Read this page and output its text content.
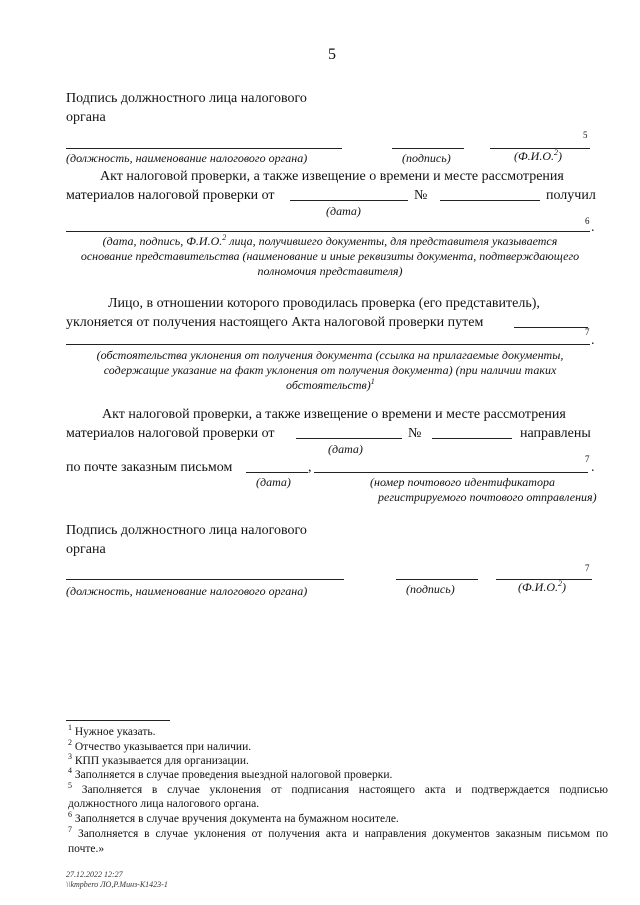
5
Подпись должностного лица налогового
органа
5
(должность, наименование налогового органа)	(подпись)	(Ф.И.О.$^2$)
Акт налоговой проверки, а также извещение о времени и месте рассмотрения
материалов налоговой проверки от	№	получил
(дата)
6 .
(дата, подпись, Ф.И.О.$^2$ лица, получившего документы, для представителя указывается
основание представительства (наименование и иные реквизиты документа, подтверждающего
полномочия представителя)
Лицо, в отношении которого проводилась проверка (его представитель),
уклоняется от получения настоящего Акта налоговой проверки путем
7
.
(обстоятельства уклонения от получения документа (ссылка на прилагаемые документы,
содержащие указание на факт уклонения от получения документа) (при наличии таких
обстоятельств)$^1$
Акт налоговой проверки, а также извещение о времени и месте рассмотрения
материалов налоговой проверки от	№	направлены
(дата)
по почте заказным письмом	,
7
.
(дата)	(номер почтового идентификатора
регистрируемого почтового отправления)
Подпись должностного лица налогового
органа
7
(должность, наименование налогового органа)	(подпись)	(Ф.И.О.$^2$)
$^1$ Нужное указать.
$^2$ Отчество указывается при наличии.
$^3$ КПП указывается для организации.
$^4$ Заполняется в случае проведения выездной налоговой проверки.
$^5$ Заполняется в случае уклонения от подписания настоящего акта и подтверждается подписью
должностного лица налогового органа.
$^6$ Заполняется в случае вручения документа на бумажном носителе.
$^7$ Заполняется в случае уклонения от получения акта и направления документов заказным письмом по
почте.»
27.12.2022 12:27
\\kmpbero ЛО,Р.Минз-К1423-1
